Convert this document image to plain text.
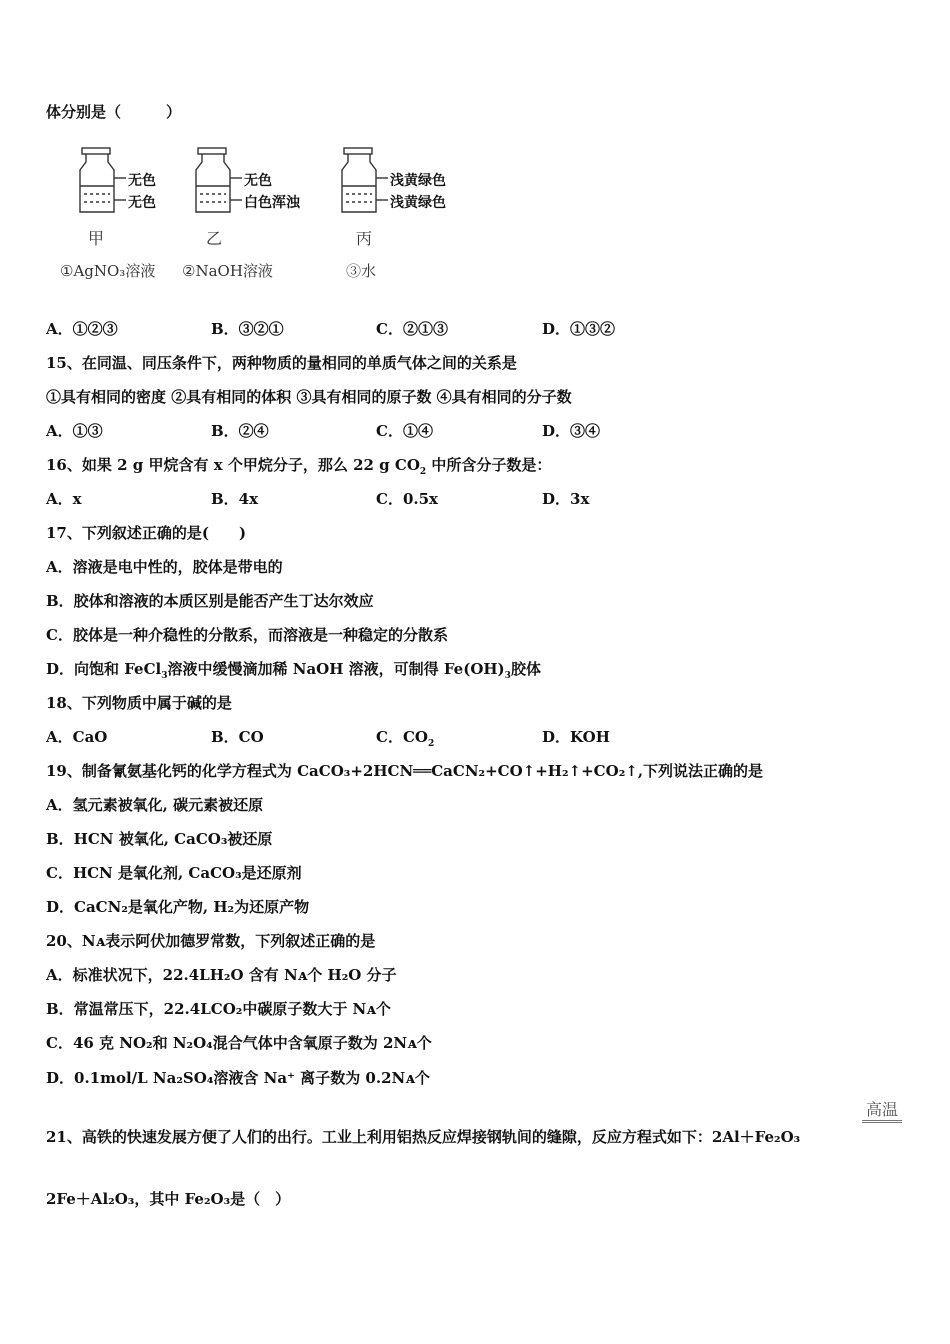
体分别是（　　　）
无色
无色
无色
白色浑浊
浅黄绿色
浅黄绿色
甲	乙	丙
①AgNO₃溶液 ②NaOH溶液	③水
A．①②③	B．③②①	C．②①③	D．①③②
15、在同温、同压条件下，两种物质的量相同的单质气体之间的关系是
①具有相同的密度 ②具有相同的体积 ③具有相同的原子数 ④具有相同的分子数
A．①③	B．②④	C．①④	D．③④
16、如果 2 g 甲烷含有 x 个甲烷分子，那么 22 g $CO_2$ 中所含分子数是：
A．x	B．4x	C．0.5x	D．3x
17、下列叙述正确的是(　　)
A．溶液是电中性的，胶体是带电的
B．胶体和溶液的本质区别是能否产生丁达尔效应
C．胶体是一种介稳性的分散系，而溶液是一种稳定的分散系
D．向饱和 FeCl$_3$溶液中缓慢滴加稀 NaOH 溶液，可制得 $Fe(OH)_3$胶体
18、下列物质中属于碱的是
A．CaO	B．CO	C．$CO_2$	D．KOH
19、制备氰氨基化钙的化学方程式为 CaCO₃+2HCN══CaCN₂+CO↑+H₂↑+CO₂↑,下列说法正确的是
A．氢元素被氧化, 碳元素被还原
B．HCN 被氧化, CaCO₃被还原
C．HCN 是氧化剂, CaCO₃是还原剂
D．CaCN₂是氧化产物, H₂为还原产物
20、Nᴀ表示阿伏加德罗常数，下列叙述正确的是
A．标准状况下，22.4LH₂O 含有 Nᴀ个 H₂O 分子
B．常温常压下，22.4LCO₂中碳原子数大于 Nᴀ个
C．46 克 NO₂和 N₂O₄混合气体中含氧原子数为 2Nᴀ个
D．0.1mol/L Na₂SO₄溶液含 Na⁺ 离子数为 0.2Nᴀ个
高温
21、高铁的快速发展方便了人们的出行。工业上利用铝热反应焊接钢轨间的缝隙，反应方程式如下：2Al＋Fe₂O₃
2Fe＋Al₂O₃，其中 Fe₂O₃是（　）
